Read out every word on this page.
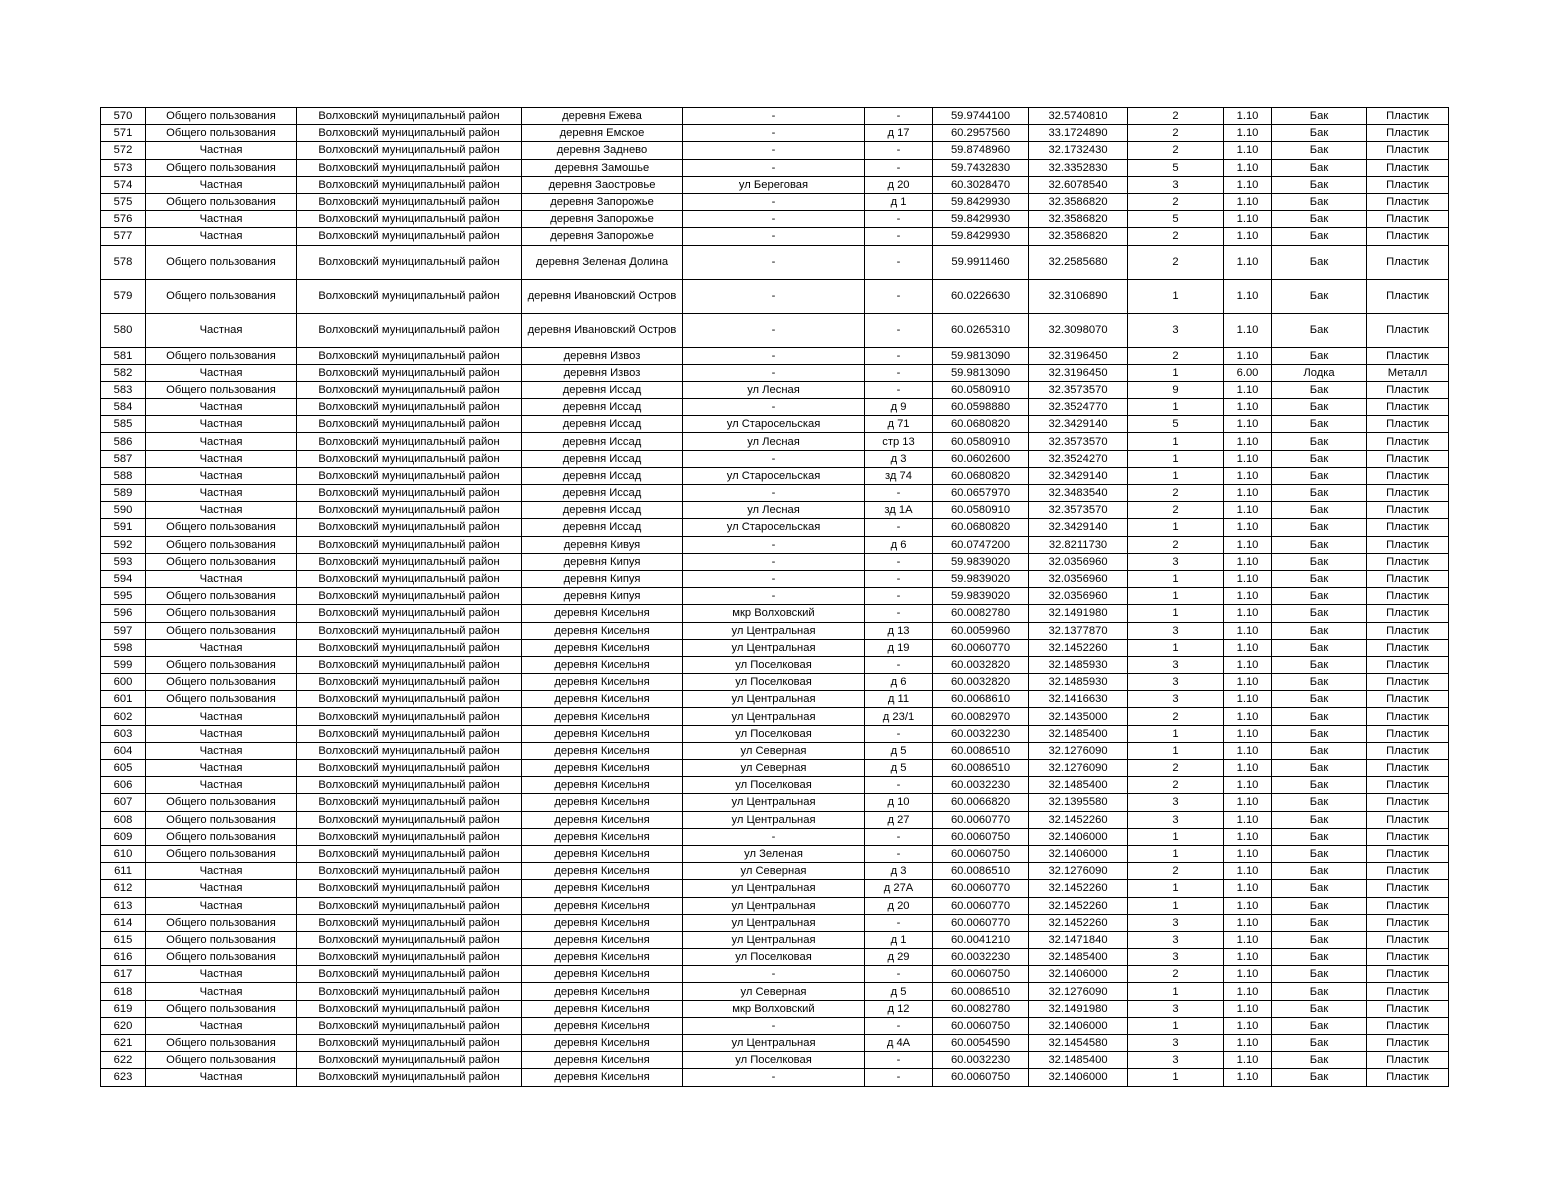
570	Общего пользования	Волховский муниципальный район	деревня Ежева	-	-	59.9744100	32.5740810	2	1.10	Бак	Пластик
571	Общего пользования	Волховский муниципальный район	деревня Емское	-	д 17	60.2957560	33.1724890	2	1.10	Бак	Пластик
572	Частная	Волховский муниципальный район	деревня Заднево	-	-	59.8748960	32.1732430	2	1.10	Бак	Пластик
573	Общего пользования	Волховский муниципальный район	деревня Замошье	-	-	59.7432830	32.3352830	5	1.10	Бак	Пластик
574	Частная	Волховский муниципальный район	деревня Заостровье	ул Береговая	д 20	60.3028470	32.6078540	3	1.10	Бак	Пластик
575	Общего пользования	Волховский муниципальный район	деревня Запорожье	-	д 1	59.8429930	32.3586820	2	1.10	Бак	Пластик
576	Частная	Волховский муниципальный район	деревня Запорожье	-	-	59.8429930	32.3586820	5	1.10	Бак	Пластик
577	Частная	Волховский муниципальный район	деревня Запорожье	-	-	59.8429930	32.3586820	2	1.10	Бак	Пластик
578	Общего пользования	Волховский муниципальный район	деревня Зеленая Долина	-	-	59.9911460	32.2585680	2	1.10	Бак	Пластик
579	Общего пользования	Волховский муниципальный район	деревня Ивановский Остров	-	-	60.0226630	32.3106890	1	1.10	Бак	Пластик
580	Частная	Волховский муниципальный район	деревня Ивановский Остров	-	-	60.0265310	32.3098070	3	1.10	Бак	Пластик
581	Общего пользования	Волховский муниципальный район	деревня Извоз	-	-	59.9813090	32.3196450	2	1.10	Бак	Пластик
582	Частная	Волховский муниципальный район	деревня Извоз	-	-	59.9813090	32.3196450	1	6.00	Лодка	Металл
583	Общего пользования	Волховский муниципальный район	деревня Иссад	ул Лесная	-	60.0580910	32.3573570	9	1.10	Бак	Пластик
584	Частная	Волховский муниципальный район	деревня Иссад	-	д 9	60.0598880	32.3524770	1	1.10	Бак	Пластик
585	Частная	Волховский муниципальный район	деревня Иссад	ул Старосельская	д 71	60.0680820	32.3429140	5	1.10	Бак	Пластик
586	Частная	Волховский муниципальный район	деревня Иссад	ул Лесная	стр 13	60.0580910	32.3573570	1	1.10	Бак	Пластик
587	Частная	Волховский муниципальный район	деревня Иссад	-	д 3	60.0602600	32.3524270	1	1.10	Бак	Пластик
588	Частная	Волховский муниципальный район	деревня Иссад	ул Старосельская	зд 74	60.0680820	32.3429140	1	1.10	Бак	Пластик
589	Частная	Волховский муниципальный район	деревня Иссад	-	-	60.0657970	32.3483540	2	1.10	Бак	Пластик
590	Частная	Волховский муниципальный район	деревня Иссад	ул Лесная	зд 1А	60.0580910	32.3573570	2	1.10	Бак	Пластик
591	Общего пользования	Волховский муниципальный район	деревня Иссад	ул Старосельская	-	60.0680820	32.3429140	1	1.10	Бак	Пластик
592	Общего пользования	Волховский муниципальный район	деревня Кивуя	-	д 6	60.0747200	32.8211730	2	1.10	Бак	Пластик
593	Общего пользования	Волховский муниципальный район	деревня Кипуя	-	-	59.9839020	32.0356960	3	1.10	Бак	Пластик
594	Частная	Волховский муниципальный район	деревня Кипуя	-	-	59.9839020	32.0356960	1	1.10	Бак	Пластик
595	Общего пользования	Волховский муниципальный район	деревня Кипуя	-	-	59.9839020	32.0356960	1	1.10	Бак	Пластик
596	Общего пользования	Волховский муниципальный район	деревня Кисельня	мкр Волховский	-	60.0082780	32.1491980	1	1.10	Бак	Пластик
597	Общего пользования	Волховский муниципальный район	деревня Кисельня	ул Центральная	д 13	60.0059960	32.1377870	3	1.10	Бак	Пластик
598	Частная	Волховский муниципальный район	деревня Кисельня	ул Центральная	д 19	60.0060770	32.1452260	1	1.10	Бак	Пластик
599	Общего пользования	Волховский муниципальный район	деревня Кисельня	ул Поселковая	-	60.0032820	32.1485930	3	1.10	Бак	Пластик
600	Общего пользования	Волховский муниципальный район	деревня Кисельня	ул Поселковая	д 6	60.0032820	32.1485930	3	1.10	Бак	Пластик
601	Общего пользования	Волховский муниципальный район	деревня Кисельня	ул Центральная	д 11	60.0068610	32.1416630	3	1.10	Бак	Пластик
602	Частная	Волховский муниципальный район	деревня Кисельня	ул Центральная	д 23/1	60.0082970	32.1435000	2	1.10	Бак	Пластик
603	Частная	Волховский муниципальный район	деревня Кисельня	ул Поселковая	-	60.0032230	32.1485400	1	1.10	Бак	Пластик
604	Частная	Волховский муниципальный район	деревня Кисельня	ул Северная	д 5	60.0086510	32.1276090	1	1.10	Бак	Пластик
605	Частная	Волховский муниципальный район	деревня Кисельня	ул Северная	д 5	60.0086510	32.1276090	2	1.10	Бак	Пластик
606	Частная	Волховский муниципальный район	деревня Кисельня	ул Поселковая	-	60.0032230	32.1485400	2	1.10	Бак	Пластик
607	Общего пользования	Волховский муниципальный район	деревня Кисельня	ул Центральная	д 10	60.0066820	32.1395580	3	1.10	Бак	Пластик
608	Общего пользования	Волховский муниципальный район	деревня Кисельня	ул Центральная	д 27	60.0060770	32.1452260	3	1.10	Бак	Пластик
609	Общего пользования	Волховский муниципальный район	деревня Кисельня	-	-	60.0060750	32.1406000	1	1.10	Бак	Пластик
610	Общего пользования	Волховский муниципальный район	деревня Кисельня	ул Зеленая	-	60.0060750	32.1406000	1	1.10	Бак	Пластик
611	Частная	Волховский муниципальный район	деревня Кисельня	ул Северная	д 3	60.0086510	32.1276090	2	1.10	Бак	Пластик
612	Частная	Волховский муниципальный район	деревня Кисельня	ул Центральная	д 27А	60.0060770	32.1452260	1	1.10	Бак	Пластик
613	Частная	Волховский муниципальный район	деревня Кисельня	ул Центральная	д 20	60.0060770	32.1452260	1	1.10	Бак	Пластик
614	Общего пользования	Волховский муниципальный район	деревня Кисельня	ул Центральная	-	60.0060770	32.1452260	3	1.10	Бак	Пластик
615	Общего пользования	Волховский муниципальный район	деревня Кисельня	ул Центральная	д 1	60.0041210	32.1471840	3	1.10	Бак	Пластик
616	Общего пользования	Волховский муниципальный район	деревня Кисельня	ул Поселковая	д 29	60.0032230	32.1485400	3	1.10	Бак	Пластик
617	Частная	Волховский муниципальный район	деревня Кисельня	-	-	60.0060750	32.1406000	2	1.10	Бак	Пластик
618	Частная	Волховский муниципальный район	деревня Кисельня	ул Северная	д 5	60.0086510	32.1276090	1	1.10	Бак	Пластик
619	Общего пользования	Волховский муниципальный район	деревня Кисельня	мкр Волховский	д 12	60.0082780	32.1491980	3	1.10	Бак	Пластик
620	Частная	Волховский муниципальный район	деревня Кисельня	-	-	60.0060750	32.1406000	1	1.10	Бак	Пластик
621	Общего пользования	Волховский муниципальный район	деревня Кисельня	ул Центральная	д 4А	60.0054590	32.1454580	3	1.10	Бак	Пластик
622	Общего пользования	Волховский муниципальный район	деревня Кисельня	ул Поселковая	-	60.0032230	32.1485400	3	1.10	Бак	Пластик
623	Частная	Волховский муниципальный район	деревня Кисельня	-	-	60.0060750	32.1406000	1	1.10	Бак	Пластик
